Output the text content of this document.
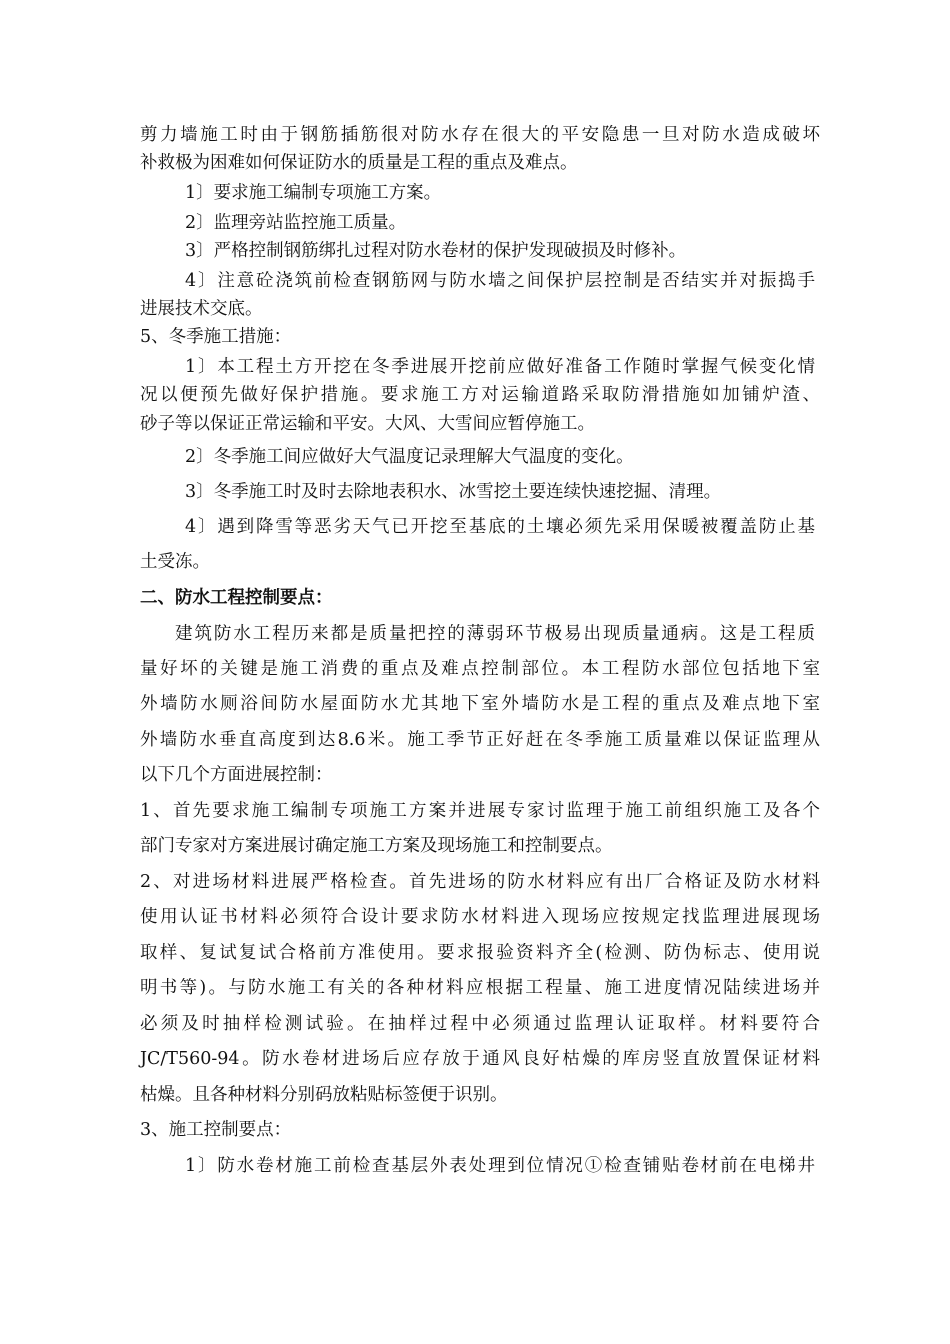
剪力墙施工时由于钢筋插筋很对防水存在很大的平安隐患一旦对防水造成破坏
补救极为困难如何保证防水的质量是工程的重点及难点。
1〕要求施工编制专项施工方案。
2〕监理旁站监控施工质量。
3〕严格控制钢筋绑扎过程对防水卷材的保护发现破损及时修补。
4〕注意砼浇筑前检查钢筋网与防水墙之间保护层控制是否结实并对振捣手
进展技术交底。
5、冬季施工措施：
1〕本工程土方开挖在冬季进展开挖前应做好准备工作随时掌握气候变化情
况以便预先做好保护措施。要求施工方对运输道路采取防滑措施如加铺炉渣、
砂子等以保证正常运输和平安。大风、大雪间应暂停施工。
2〕冬季施工间应做好大气温度记录理解大气温度的变化。
3〕冬季施工时及时去除地表积水、冰雪挖土要连续快速挖掘、清理。
4〕遇到降雪等恶劣天气已开挖至基底的土壤必须先采用保暖被覆盖防止基
土受冻。
二、防水工程控制要点：
建筑防水工程历来都是质量把控的薄弱环节极易出现质量通病。这是工程质
量好坏的关键是施工消费的重点及难点控制部位。本工程防水部位包括地下室
外墙防水厕浴间防水屋面防水尤其地下室外墙防水是工程的重点及难点地下室
外墙防水垂直高度到达8.6米。施工季节正好赶在冬季施工质量难以保证监理从
以下几个方面进展控制：
1、首先要求施工编制专项施工方案并进展专家讨监理于施工前组织施工及各个
部门专家对方案进展讨确定施工方案及现场施工和控制要点。
2、对进场材料进展严格检查。首先进场的防水材料应有出厂合格证及防水材料
使用认证书材料必须符合设计要求防水材料进入现场应按规定找监理进展现场
取样、复试复试合格前方准使用。要求报验资料齐全(检测、防伪标志、使用说
明书等)。与防水施工有关的各种材料应根据工程量、施工进度情况陆续进场并
必须及时抽样检测试验。在抽样过程中必须通过监理认证取样。材料要符合
JC/T560-94。防水卷材进场后应存放于通风良好枯燥的库房竖直放置保证材料
枯燥。且各种材料分别码放粘贴标签便于识别。
3、施工控制要点：
1〕防水卷材施工前检查基层外表处理到位情况①检查铺贴卷材前在电梯井
